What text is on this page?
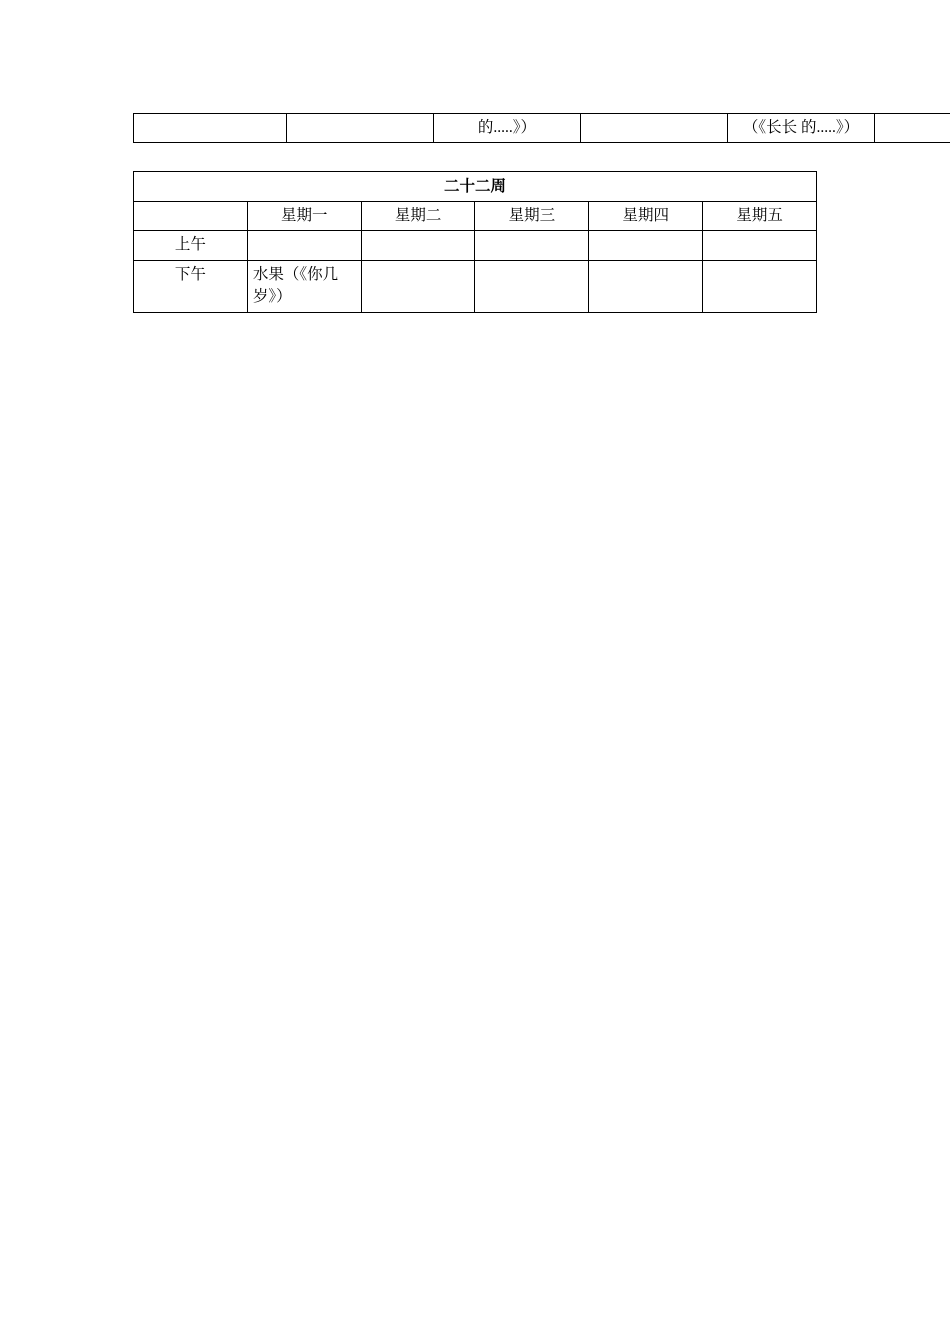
		的.....》）		（《长长 的.....》）	
二十二周					
	星期一	星期二	星期三	星期四	星期五
上午					
下午	水果（《你几岁》）				
